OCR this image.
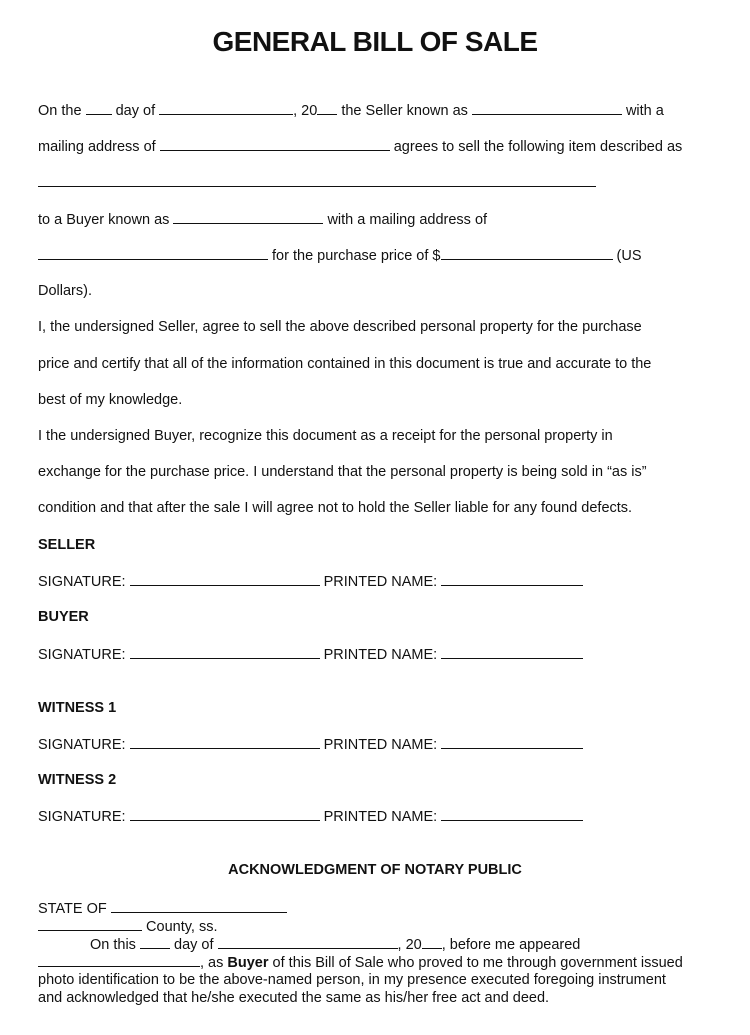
GENERAL BILL OF SALE
On the day of	, 20 the Seller known as	with a
mailing address of	agrees to sell the following item described as
to a Buyer known as	with a mailing address of
for the purchase price of $	(US
Dollars).
I, the undersigned Seller, agree to sell the above described personal property for the purchase
price and certify that all of the information contained in this document is true and accurate to the
best of my knowledge.
I the undersigned Buyer, recognize this document as a receipt for the personal property in
exchange for the purchase price. I understand that the personal property is being sold in “as is”
condition and that after the sale I will agree not to hold the Seller liable for any found defects.
SELLER
SIGNATURE:	PRINTED NAME:
BUYER
SIGNATURE:	PRINTED NAME:
WITNESS 1
SIGNATURE:	PRINTED NAME:
WITNESS 2
SIGNATURE:	PRINTED NAME:
ACKNOWLEDGMENT OF NOTARY PUBLIC
STATE OF
County, ss.
On this	day of	, 20 , before me appeared
, as Buyer of this Bill of Sale who proved to me through government issued
photo identification to be the above-named person, in my presence executed foregoing instrument
and acknowledged that he/she executed the same as his/her free act and deed.
